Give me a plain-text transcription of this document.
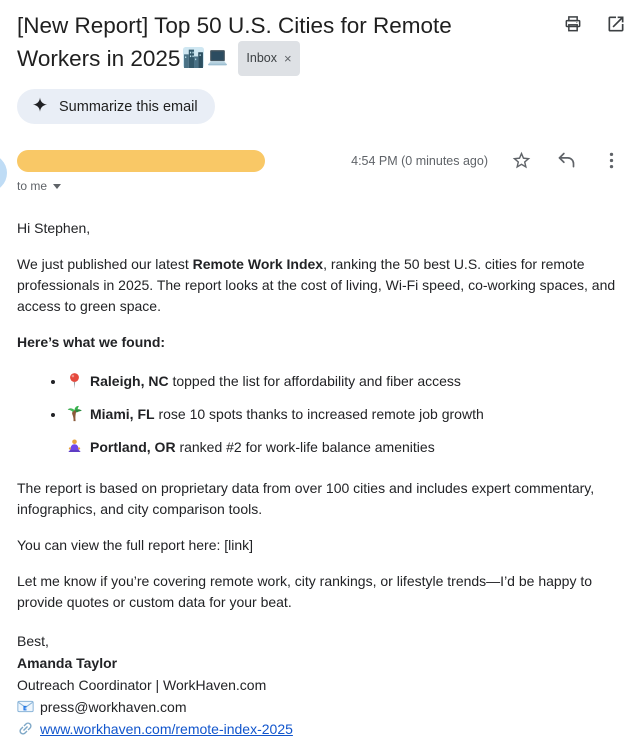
[New Report] Top 50 U.S. Cities for Remote Workers in 2025	Inbox ×
Summarize this email
4:54 PM (0 minutes ago)
to me

Hi Stephen,

We just published our latest Remote Work Index, ranking the 50 best U.S. cities for remote professionals in 2025. The report looks at the cost of living, Wi-Fi speed, co-working spaces, and access to green space.

Here’s what we found:

• Raleigh, NC topped the list for affordability and fiber access
• Miami, FL rose 10 spots thanks to increased remote job growth
• Portland, OR ranked #2 for work-life balance amenities

The report is based on proprietary data from over 100 cities and includes expert commentary, infographics, and city comparison tools.

You can view the full report here: [link]

Let me know if you’re covering remote work, city rankings, or lifestyle trends—I’d be happy to provide quotes or custom data for your beat.

Best,

Amanda Taylor

Outreach Coordinator | WorkHaven.com

press@workhaven.com

www.workhaven.com/remote-index-2025
